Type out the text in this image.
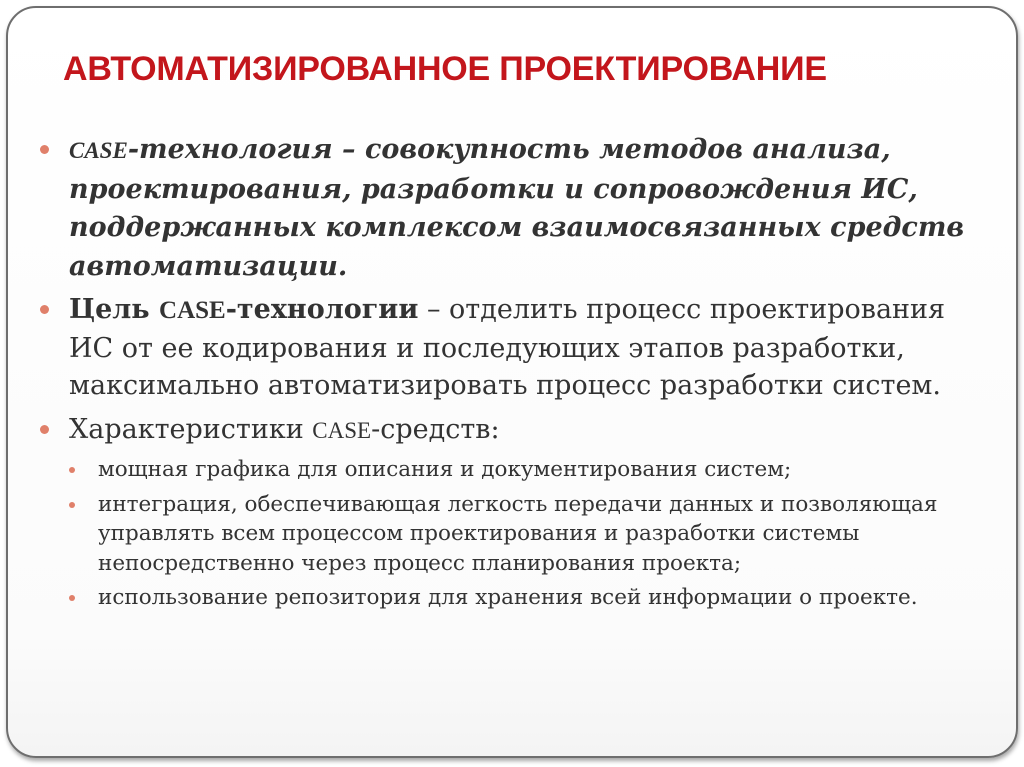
АВТОМАТИЗИРОВАННОЕ ПРОЕКТИРОВАНИЕ
CASE-технология – совокупность методов анализа, проектирования, разработки и сопровождения ИС, поддержанных комплексом взаимосвязанных средств автоматизации.
Цель CASE-технологии – отделить процесс проектирования ИС от ее кодирования и последующих этапов разработки, максимально автоматизировать процесс разработки систем.
Характеристики CASE-средств:
мощная графика для описания и документирования систем;
интеграция, обеспечивающая легкость передачи данных и позволяющая управлять всем процессом проектирования и разработки системы непосредственно через процесс планирования проекта;
использование репозитория для хранения всей информации о проекте.
